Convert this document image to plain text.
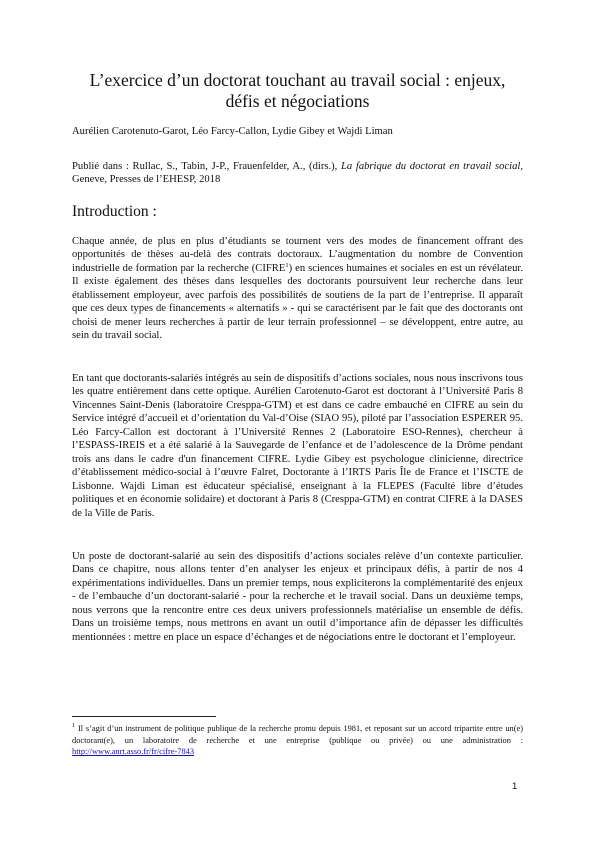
L’exercice d’un doctorat touchant au travail social : enjeux,
défis et négociations
Aurélien Carotenuto-Garot, Léo Farcy-Callon, Lydie Gibey et Wajdi Liman
Publié dans : Rullac, S., Tabin, J-P., Frauenfelder, A., (dirs.), La fabrique du doctorat en travail social, Geneve, Presses de l’EHESP, 2018
Introduction :

Chaque année, de plus en plus d’étudiants se tournent vers des modes de financement offrant des opportunités de thèses au-delà des contrats doctoraux. L’augmentation du nombre de Convention industrielle de formation par la recherche (CIFRE$^1$) en sciences humaines et sociales en est un révélateur. Il existe également des thèses dans lesquelles des doctorants poursuivent leur recherche dans leur établissement employeur, avec parfois des possibilités de soutiens de la part de l’entreprise. Il apparaît que ces deux types de financements « alternatifs » - qui se caractérisent par le fait que des doctorants ont choisi de mener leurs recherches à partir de leur terrain professionnel – se développent, entre autre, au sein du travail social.

En tant que doctorants-salariés intégrés au sein de dispositifs d’actions sociales, nous nous inscrivons tous les quatre entièrement dans cette optique. Aurélien Carotenuto-Garot est doctorant à l’Université Paris 8 Vincennes Saint-Denis (laboratoire Cresppa-GTM) et est dans ce cadre embauché en CIFRE au sein du Service intégré d’accueil et d’orientation du Val-d’Oise (SIAO 95), piloté par l’association ESPERER 95. Léo Farcy-Callon est doctorant à l’Université Rennes 2 (Laboratoire ESO-Rennes), chercheur à l’ESPASS-IREIS et a été salarié à la Sauvegarde de l’enfance et de l’adolescence de la Drôme pendant trois ans dans le cadre d'un financement CIFRE. Lydie Gibey est psychologue clinicienne, directrice d’établissement médico-social à l’œuvre Falret, Doctorante à l’IRTS Paris Île de France et l’ISCTE de Lisbonne. Wajdi Liman est éducateur spécialisé, enseignant à la FLEPES (Faculté libre d’études politiques et en économie solidaire) et doctorant à Paris 8 (Cresppa-GTM) en contrat CIFRE à la DASES de la Ville de Paris.

Un poste de doctorant-salarié au sein des dispositifs d’actions sociales relève d’un contexte particulier. Dans ce chapitre, nous allons tenter d’en analyser les enjeux et principaux défis, à partir de nos 4 expérimentations individuelles. Dans un premier temps, nous expliciterons la complémentarité des enjeux - de l’embauche d’un doctorant-salarié - pour la recherche et le travail social. Dans un deuxième temps, nous verrons que la rencontre entre ces deux univers professionnels matérialise un ensemble de défis. Dans un troisième temps, nous mettrons en avant un outil d’importance afin de dépasser les difficultés mentionnées : mettre en place un espace d’échanges et de négociations entre le doctorant et l’employeur.

$^1$ Il s’agit d’un instrument de politique publique de la recherche promu depuis 1981, et reposant sur un accord tripartite entre un(e) doctorant(e), un laboratoire de recherche et une entreprise (publique ou privée) ou une administration : http://www.anrt.asso.fr/fr/cifre-7843
1
